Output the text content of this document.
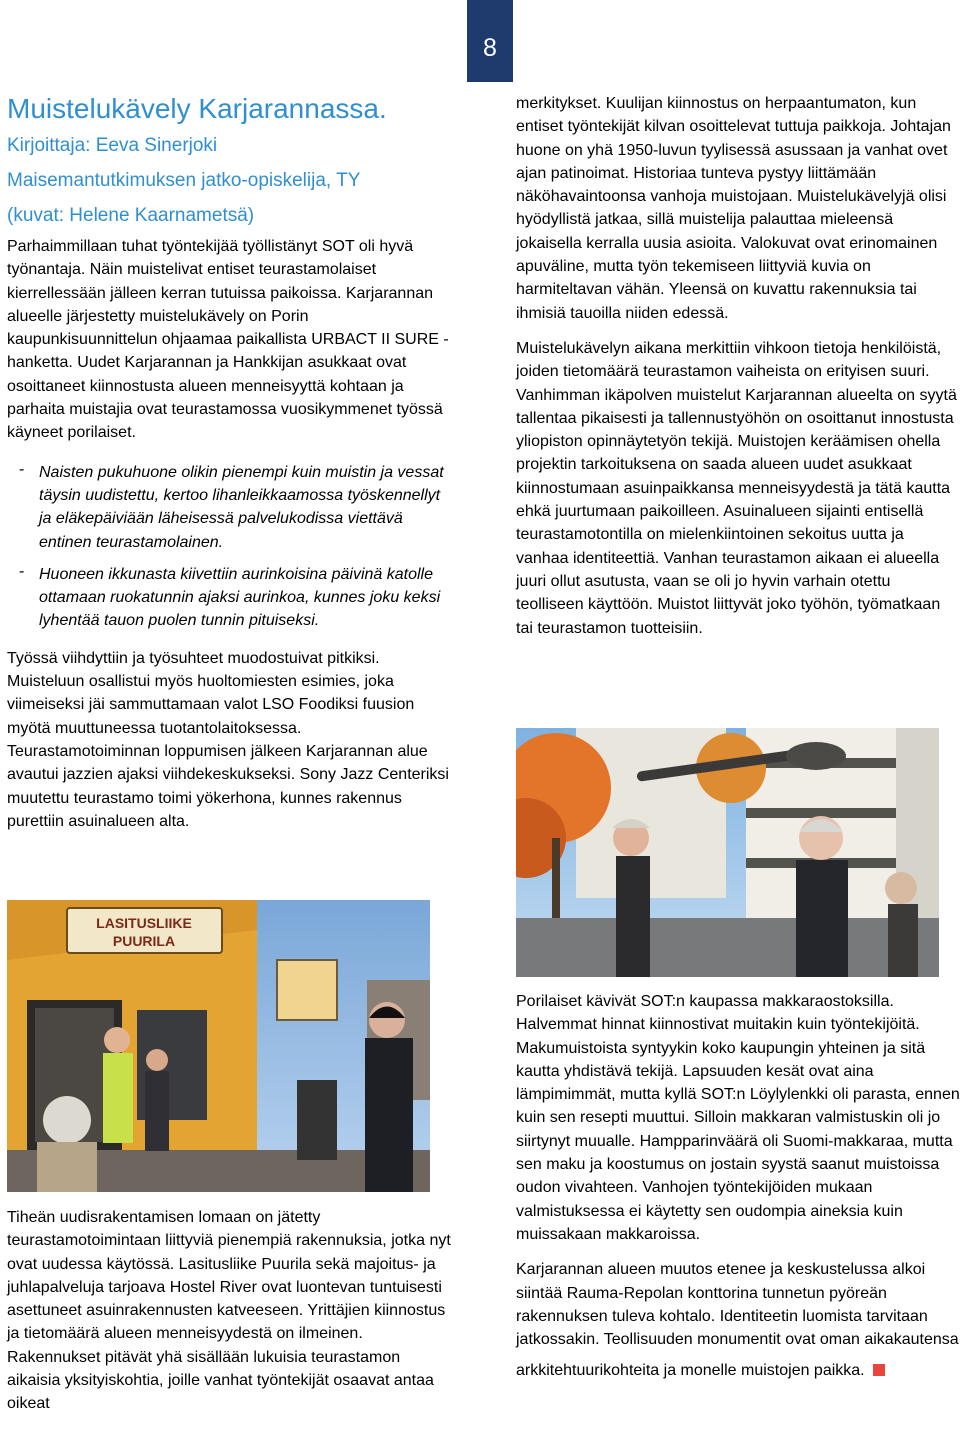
8
Muistelukävely Karjarannassa.
Kirjoittaja: Eeva Sinerjoki
Maisemantutkimuksen jatko-opiskelija, TY
(kuvat: Helene Kaarnametsä)

Parhaimmillaan tuhat työntekijää työllistänyt SOT oli hyvä työnantaja. Näin muistelivat entiset teurastamolaiset kierrellessään jälleen kerran tutuissa paikoissa. Karjarannan alueelle järjestetty muistelukävely on Porin kaupunkisuunnittelun ohjaamaa paikallista URBACT II SURE -hanketta. Uudet Karjarannan ja Hankkijan asukkaat ovat osoittaneet kiinnostusta alueen menneisyyttä kohtaan ja parhaita muistajia ovat teurastamossa vuosikymmenet työssä käyneet porilaiset.

- Naisten pukuhuone olikin pienempi kuin muistin ja vessat täysin uudistettu, kertoo lihanleikkaamossa työskennellyt ja eläkepäiviään läheisessä palvelukodissa viettävä entinen teurastamolainen.
- Huoneen ikkunasta kiivettiin aurinkoisina päivinä katolle ottamaan ruokatunnin ajaksi aurinkoa, kunnes joku keksi lyhentää tauon puolen tunnin pituiseksi.

Työssä viihdyttiin ja työsuhteet muodostuivat pitkiksi. Muisteluun osallistui myös huoltomiesten esimies, joka viimeiseksi jäi sammuttamaan valot LSO Foodiksi fuusion myötä muuttuneessa tuotantolaitoksessa. Teurastamotoiminnan loppumisen jälkeen Karjarannan alue avautui jazzien ajaksi viihdekeskukseksi. Sony Jazz Centeriksi muutettu teurastamo toimi yökerhona, kunnes rakennus purettiin asuinalueen alta.

LASITUSLIIKE
PUURILA

Tiheän uudisrakentamisen lomaan on jätetty teurastamotoimintaan liittyviä pienempiä rakennuksia, jotka nyt ovat uudessa käytössä. Lasitusliike Puurila sekä majoitus- ja juhlapalveluja tarjoava Hostel River ovat luontevan tuntuisesti asettuneet asuinrakennusten katveeseen. Yrittäjien kiinnostus ja tietomäärä alueen menneisyydestä on ilmeinen. Rakennukset pitävät yhä sisällään lukuisia teurastamon aikaisia yksityiskohtia, joille vanhat työntekijät osaavat antaa oikeat

merkitykset. Kuulijan kiinnostus on herpaantumaton, kun entiset työntekijät kilvan osoittelevat tuttuja paikkoja. Johtajan huone on yhä 1950-luvun tyylisessä asussaan ja vanhat ovet ajan patinoimat. Historiaa tunteva pystyy liittämään näköhavaintoonsa vanhoja muistojaan. Muistelukävelyjä olisi hyödyllistä jatkaa, sillä muistelija palauttaa mieleensä jokaisella kerralla uusia asioita. Valokuvat ovat erinomainen apuväline, mutta työn tekemiseen liittyviä kuvia on harmiteltavan vähän. Yleensä on kuvattu rakennuksia tai ihmisiä tauoilla niiden edessä.

Muistelukävelyn aikana merkittiin vihkoon tietoja henkilöistä, joiden tietomäärä teurastamon vaiheista on erityisen suuri. Vanhimman ikäpolven muistelut Karjarannan alueelta on syytä tallentaa pikaisesti ja tallennustyöhön on osoittanut innostusta yliopiston opinnäytetyön tekijä. Muistojen keräämisen ohella projektin tarkoituksena on saada alueen uudet asukkaat kiinnostumaan asuinpaikkansa menneisyydestä ja tätä kautta ehkä juurtumaan paikoilleen. Asuinalueen sijainti entisellä teurastamotontilla on mielenkiintoinen sekoitus uutta ja vanhaa identiteettiä. Vanhan teurastamon aikaan ei alueella juuri ollut asutusta, vaan se oli jo hyvin varhain otettu teolliseen käyttöön. Muistot liittyvät joko työhön, työmatkaan tai teurastamon tuotteisiin.

Porilaiset kävivät SOT:n kaupassa makkaraostoksilla. Halvemmat hinnat kiinnostivat muitakin kuin työntekijöitä. Makumuistoista syntyykin koko kaupungin yhteinen ja sitä kautta yhdistävä tekijä. Lapsuuden kesät ovat aina lämpimimmät, mutta kyllä SOT:n Löylylenkki oli parasta, ennen kuin sen resepti muuttui. Silloin makkaran valmistuskin oli jo siirtynyt muualle. Hampparinväärä oli Suomi-makkaraa, mutta sen maku ja koostumus on jostain syystä saanut muistoissa oudon vivahteen. Vanhojen työntekijöiden mukaan valmistuksessa ei käytetty sen oudompia aineksia kuin muissakaan makkaroissa.

Karjarannan alueen muutos etenee ja keskustelussa alkoi siintää Rauma-Repolan konttorina tunnetun pyöreän rakennuksen tuleva kohtalo. Identiteetin luomista tarvitaan jatkossakin. Teollisuuden monumentit ovat oman aikakautensa

arkkitehtuurikohteita ja monelle muistojen paikka.
